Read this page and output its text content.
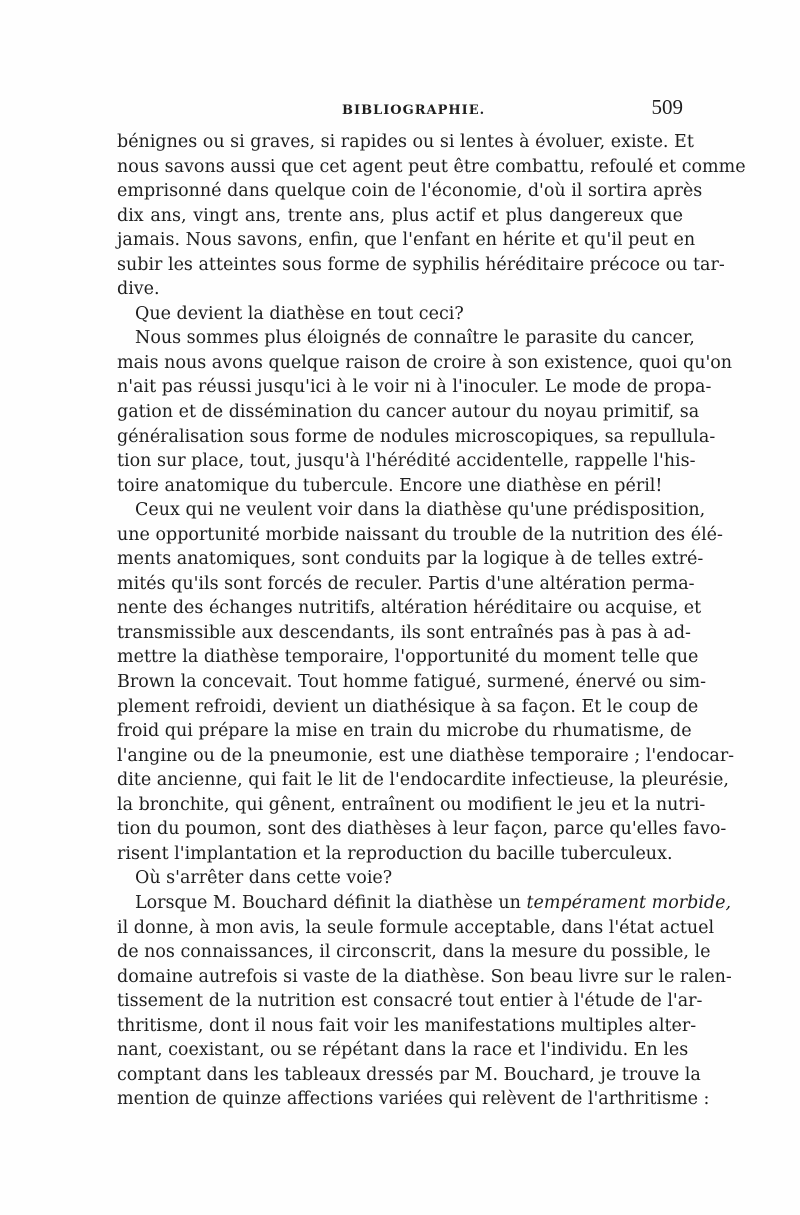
BIBLIOGRAPHIE.	509
bénignes ou si graves, si rapides ou si lentes à évoluer, existe. Et
nous savons aussi que cet agent peut être combattu, refoulé et comme
emprisonné dans quelque coin de l'économie, d'où il sortira après
dix ans, vingt ans, trente ans, plus actif et plus dangereux que
jamais. Nous savons, enfin, que l'enfant en hérite et qu'il peut en
subir les atteintes sous forme de syphilis héréditaire précoce ou tar-
dive.
Que devient la diathèse en tout ceci?
Nous sommes plus éloignés de connaître le parasite du cancer,
mais nous avons quelque raison de croire à son existence, quoi qu'on
n'ait pas réussi jusqu'ici à le voir ni à l'inoculer. Le mode de propa-
gation et de dissémination du cancer autour du noyau primitif, sa
généralisation sous forme de nodules microscopiques, sa repullula-
tion sur place, tout, jusqu'à l'hérédité accidentelle, rappelle l'his-
toire anatomique du tubercule. Encore une diathèse en péril!
Ceux qui ne veulent voir dans la diathèse qu'une prédisposition,
une opportunité morbide naissant du trouble de la nutrition des élé-
ments anatomiques, sont conduits par la logique à de telles extré-
mités qu'ils sont forcés de reculer. Partis d'une altération perma-
nente des échanges nutritifs, altération héréditaire ou acquise, et
transmissible aux descendants, ils sont entraînés pas à pas à ad-
mettre la diathèse temporaire, l'opportunité du moment telle que
Brown la concevait. Tout homme fatigué, surmené, énervé ou sim-
plement refroidi, devient un diathésique à sa façon. Et le coup de
froid qui prépare la mise en train du microbe du rhumatisme, de
l'angine ou de la pneumonie, est une diathèse temporaire ; l'endocar-
dite ancienne, qui fait le lit de l'endocardite infectieuse, la pleurésie,
la bronchite, qui gênent, entraînent ou modifient le jeu et la nutri-
tion du poumon, sont des diathèses à leur façon, parce qu'elles favo-
risent l'implantation et la reproduction du bacille tuberculeux.
Où s'arrêter dans cette voie?
Lorsque M. Bouchard définit la diathèse un tempérament morbide,
il donne, à mon avis, la seule formule acceptable, dans l'état actuel
de nos connaissances, il circonscrit, dans la mesure du possible, le
domaine autrefois si vaste de la diathèse. Son beau livre sur le ralen-
tissement de la nutrition est consacré tout entier à l'étude de l'ar-
thritisme, dont il nous fait voir les manifestations multiples alter-
nant, coexistant, ou se répétant dans la race et l'individu. En les
comptant dans les tableaux dressés par M. Bouchard, je trouve la
mention de quinze affections variées qui relèvent de l'arthritisme :
